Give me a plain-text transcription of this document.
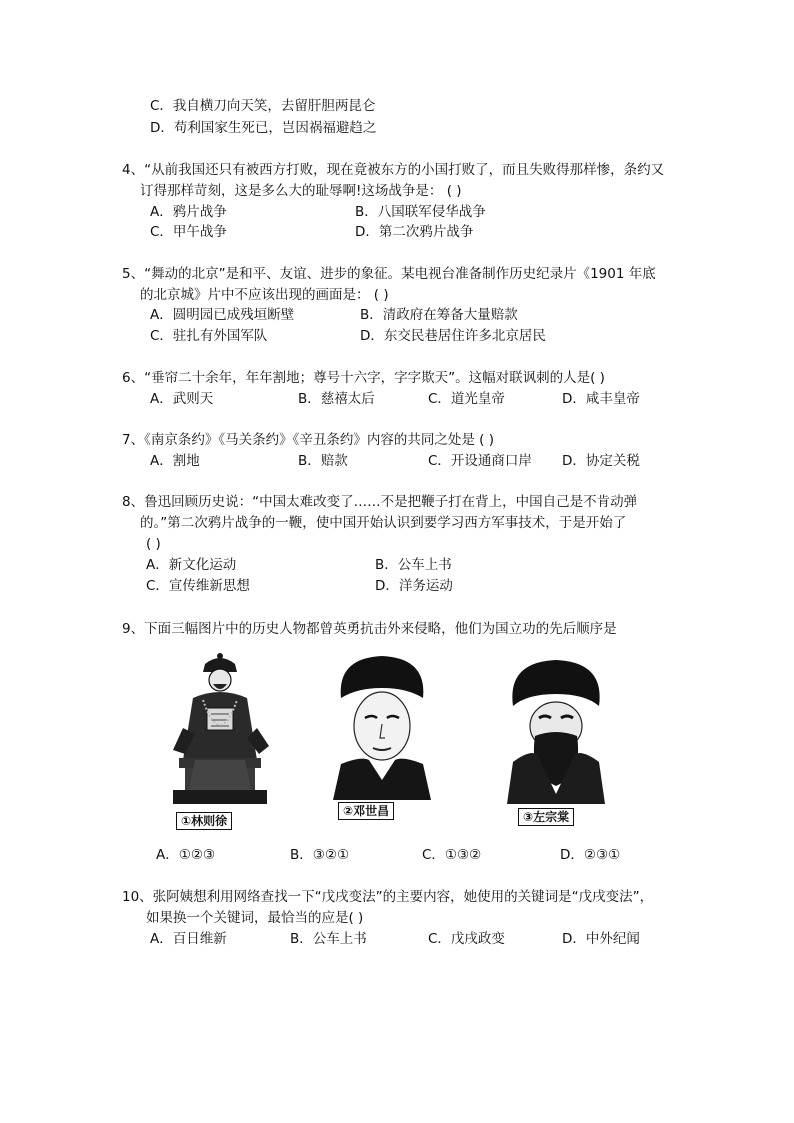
C．我自横刀向天笑，去留肝胆两昆仑
D．苟利国家生死已，岂因祸福避趋之
4、“从前我国还只有被西方打败，现在竟被东方的小国打败了，而且失败得那样惨，条约又
订得那样苛刻，这是多么大的耻辱啊!这场战争是： ( )
A．鸦片战争	B．八国联军侵华战争
C．甲午战争	D．第二次鸦片战争
5、“舞动的北京”是和平、友谊、进步的象征。某电视台准备制作历史纪录片《1901 年底
的北京城》片中不应该出现的画面是： ( )
A．圆明园已成残垣断壁	B．清政府在筹备大量赔款
C．驻扎有外国军队	D．东交民巷居住许多北京居民
6、“垂帘二十余年，年年割地；尊号十六字，字字欺天”。这幅对联讽刺的人是( )
A．武则天	B．慈禧太后	C．道光皇帝	D．咸丰皇帝
7、《南京条约》《马关条约》《辛丑条约》内容的共同之处是 ( )
A．割地	B．赔款	C．开设通商口岸 D．协定关税
8、鲁迅回顾历史说：“中国太难改变了……不是把鞭子打在背上，中国自己是不肯动弹
的。”第二次鸦片战争的一鞭，使中国开始认识到要学习西方军事技术，于是开始了
( )
A．新文化运动	B．公车上书
C．宣传维新思想	D．洋务运动
9、下面三幅图片中的历史人物都曾英勇抗击外来侵略，他们为国立功的先后顺序是
①林则徐
②邓世昌	③左宗棠
A．①②③	B．③②①	C．①③②	D．②③①
10、张阿姨想利用网络查找一下“戊戌变法”的主要内容，她使用的关键词是“戊戌变法”，
如果换一个关键词，最恰当的应是( )
A．百日维新	B．公车上书	C．戊戌政变	D．中外纪闻
